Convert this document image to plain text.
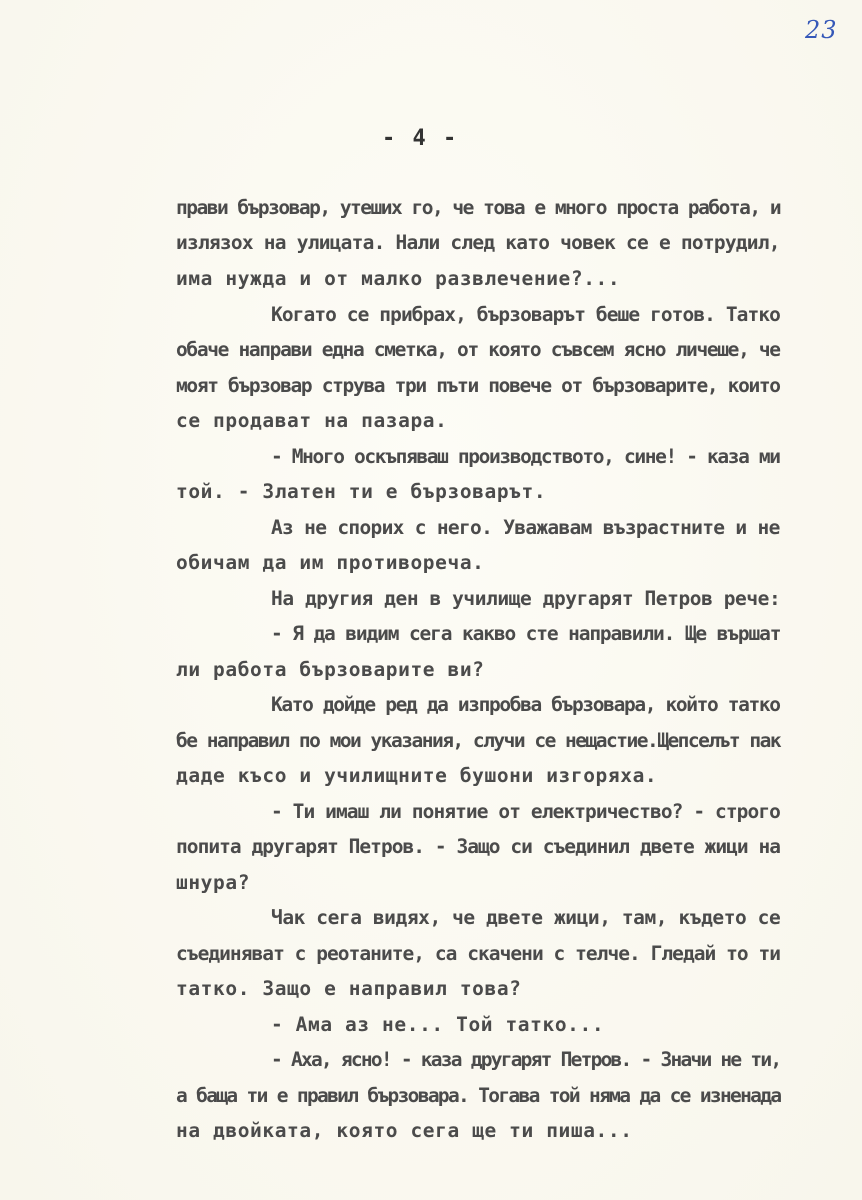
23
- 4 -
прави бързовар, утеших го, че това е много проста работа, и
излязох на улицата. Нали след като човек се е потрудил,
има нужда и от малко развлечение?...
Когато се прибрах, бързоварът беше готов. Татко
обаче направи една сметка, от която съвсем ясно личеше, че
моят бързовар струва три пъти повече от бързоварите, които
се продават на пазара.
- Много оскъпяваш производството, сине! - каза ми
той. - Златен ти е бързоварът.
Аз не спорих с него. Уважавам възрастните и не
обичам да им противореча.
На другия ден в училище другарят Петров рече:
- Я да видим сега какво сте направили. Ще вършат
ли работа бързоварите ви?
Като дойде ред да изпробва бързовара, който татко
бе направил по мои указания, случи се нещастие.Щепселът пак
даде късо и училищните бушони изгоряха.
- Ти имаш ли понятие от електричество? - строго
попита другарят Петров. - Защо си съединил двете жици на
шнура?
Чак сега видях, че двете жици, там, където се
съединяват с реотаните, са скачени с телче. Гледай то ти
татко. Защо е направил това?
- Ама аз не... Той татко...
- Аха, ясно! - каза другарят Петров. - Значи не ти,
а баща ти е правил бързовара. Тогава той няма да се изненада
на двойката, която сега ще ти пиша...
